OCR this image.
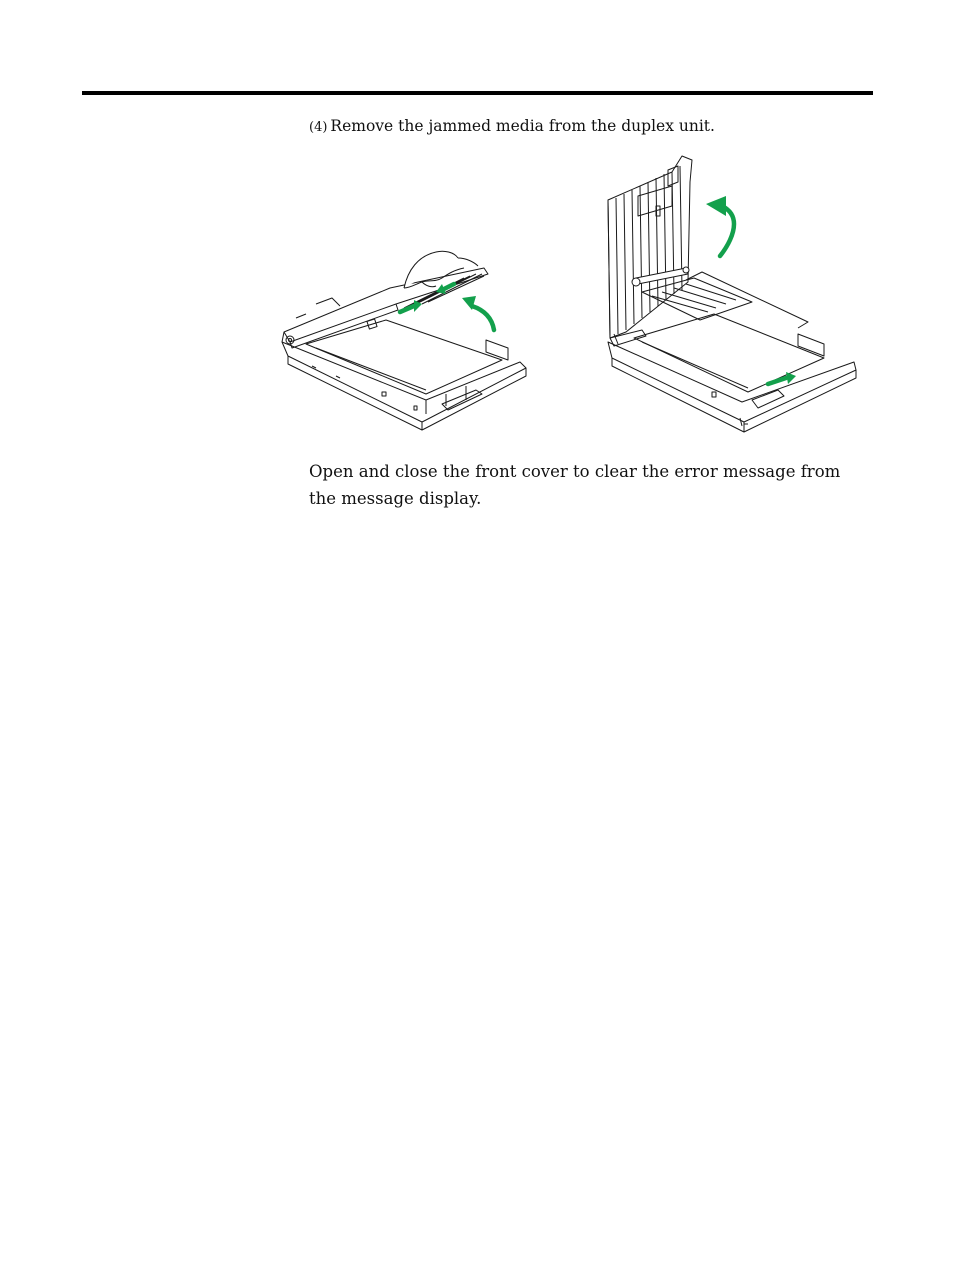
(4) Remove the jammed media from the duplex unit.

Open and close the front cover to clear the error message from the message display.
